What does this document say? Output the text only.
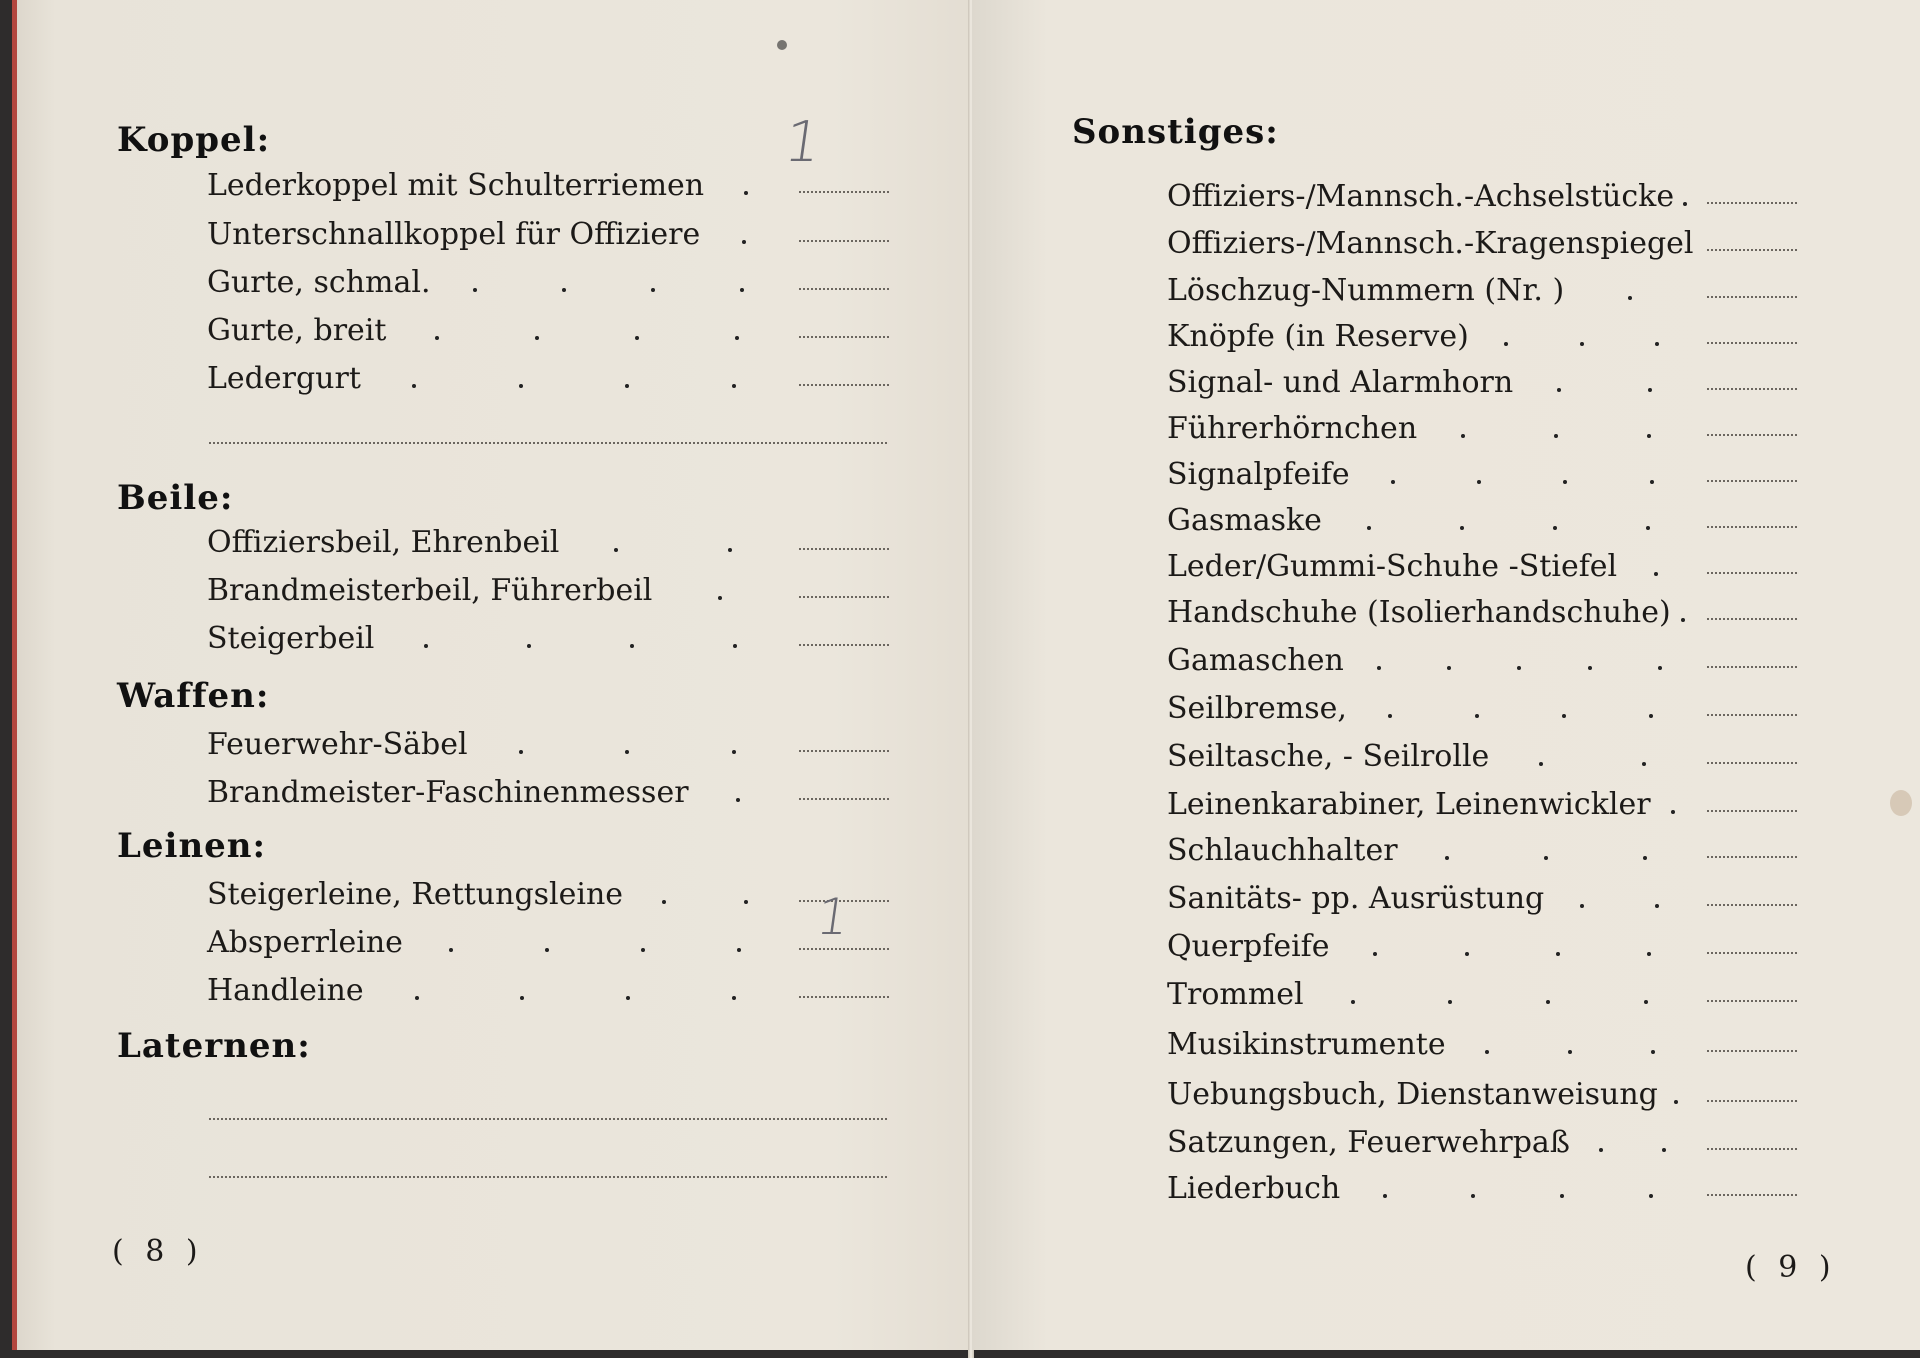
Koppel:
Lederkoppel mit Schulterriemen
Unterschnallkoppel für Offiziere
Gurte, schmal.
Gurte, breit
Ledergurt
1
Beile:
Offiziersbeil, Ehrenbeil
Brandmeisterbeil, Führerbeil
Steigerbeil
Waffen:
Feuerwehr-Säbel
Brandmeister-Faschinenmesser
Leinen:
Steigerleine, Rettungsleine
Absperrleine
Handleine
1
Laternen:
( 8 )
Sonstiges:
Offiziers-/Mannsch.-Achselstücke
Offiziers-/Mannsch.-Kragenspiegel
Löschzug-Nummern (Nr. )
Knöpfe (in Reserve)
Signal- und Alarmhorn
Führerhörnchen
Signalpfeife
Gasmaske
Leder/Gummi-Schuhe -Stiefel
Handschuhe (Isolierhandschuhe)
Gamaschen
Seilbremse,
Seiltasche, - Seilrolle
Leinenkarabiner, Leinenwickler
Schlauchhalter
Sanitäts- pp. Ausrüstung
Querpfeife
Trommel
Musikinstrumente
Uebungsbuch, Dienstanweisung
Satzungen, Feuerwehrpaß
Liederbuch
( 9 )
